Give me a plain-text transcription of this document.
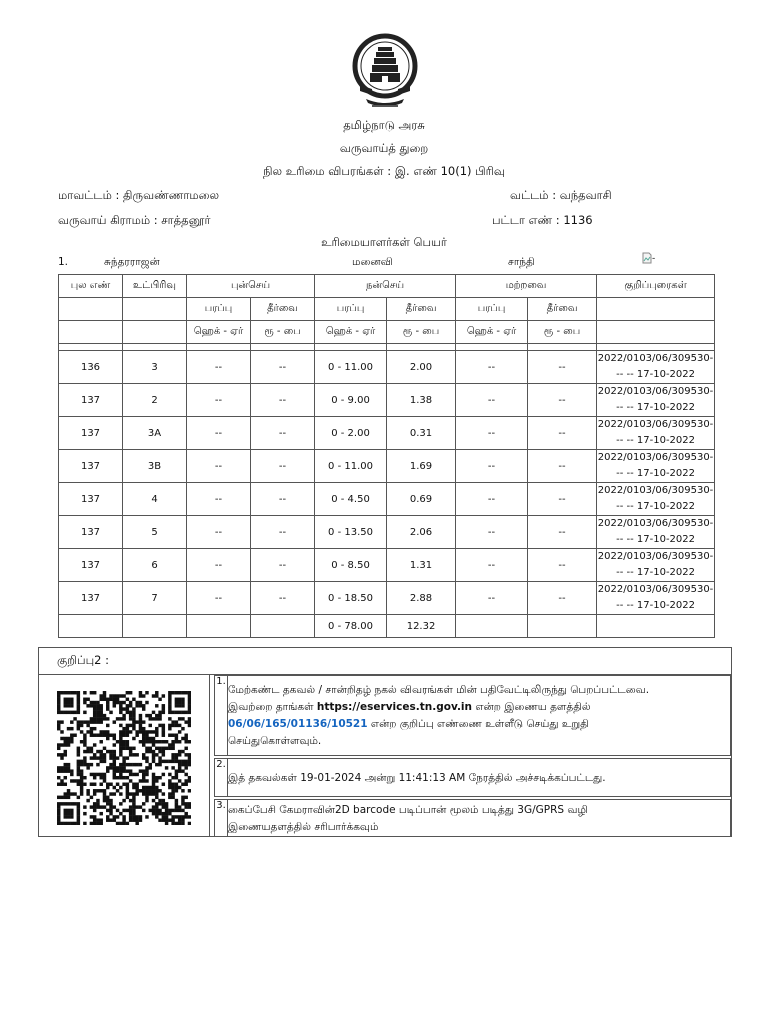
தமிழ்நாடு அரசு
வருவாய்த் துறை
நில உரிமை விபரங்கள் : இ. எண் 10(1) பிரிவு
மாவட்டம் : திருவண்ணாமலை	வட்டம் : வந்தவாசி
வருவாய் கிராமம் : சாத்தனூர்	பட்டா எண் : 1136
உரிமையாளர்கள் பெயர்
1.	சுந்தரராஜன்	மனைவி	சாந்தி	-
புல எண்	உட்பிரிவு	புன்செய்		நன்செய்		மற்றவை		குறிப்புரைகள்
		பரப்பு	தீர்வை	பரப்பு	தீர்வை	பரப்பு	தீர்வை	
		ஹெக் - ஏர்	ரூ - பை	ஹெக் - ஏர்	ரூ - பை	ஹெக் - ஏர்	ரூ - பை	

136	3	--	--	0 - 11.00	2.00	--	--	2022/0103/06/309530-
-- -- 17-10-2022

137	2	--	--	0 - 9.00	1.38	--	--	2022/0103/06/309530-
-- -- 17-10-2022

137	3A	--	--	0 - 2.00	0.31	--	--	2022/0103/06/309530-
-- -- 17-10-2022

137	3B	--	--	0 - 11.00	1.69	--	--	2022/0103/06/309530-
-- -- 17-10-2022

137	4	--	--	0 - 4.50	0.69	--	--	2022/0103/06/309530-
-- -- 17-10-2022

137	5	--	--	0 - 13.50	2.06	--	--	2022/0103/06/309530-
-- -- 17-10-2022

137	6	--	--	0 - 8.50	1.31	--	--	2022/0103/06/309530-
-- -- 17-10-2022

137	7	--	--	0 - 18.50	2.88	--	--	2022/0103/06/309530-
-- -- 17-10-2022

				0 - 78.00	12.32			
குறிப்பு2 :
1.
மேற்கண்ட தகவல் / சான்றிதழ் நகல் விவரங்கள் மின் பதிவேட்டிலிருந்து பெறப்பட்டவை.
இவற்றை தாங்கள் https://eservices.tn.gov.in என்ற இணைய தளத்தில்
06/06/165/01136/10521 என்ற குறிப்பு எண்ணை உள்ளீடு செய்து உறுதி
செய்துகொள்ளவும்.
2.
இத் தகவல்கள் 19-01-2024 அன்று 11:41:13 AM நேரத்தில் அச்சடிக்கப்பட்டது.
3. கைப்பேசி கேமராவின்2D barcode படிப்பான் மூலம் படித்து 3G/GPRS வழி
இணையதளத்தில் சரிபார்க்கவும்
